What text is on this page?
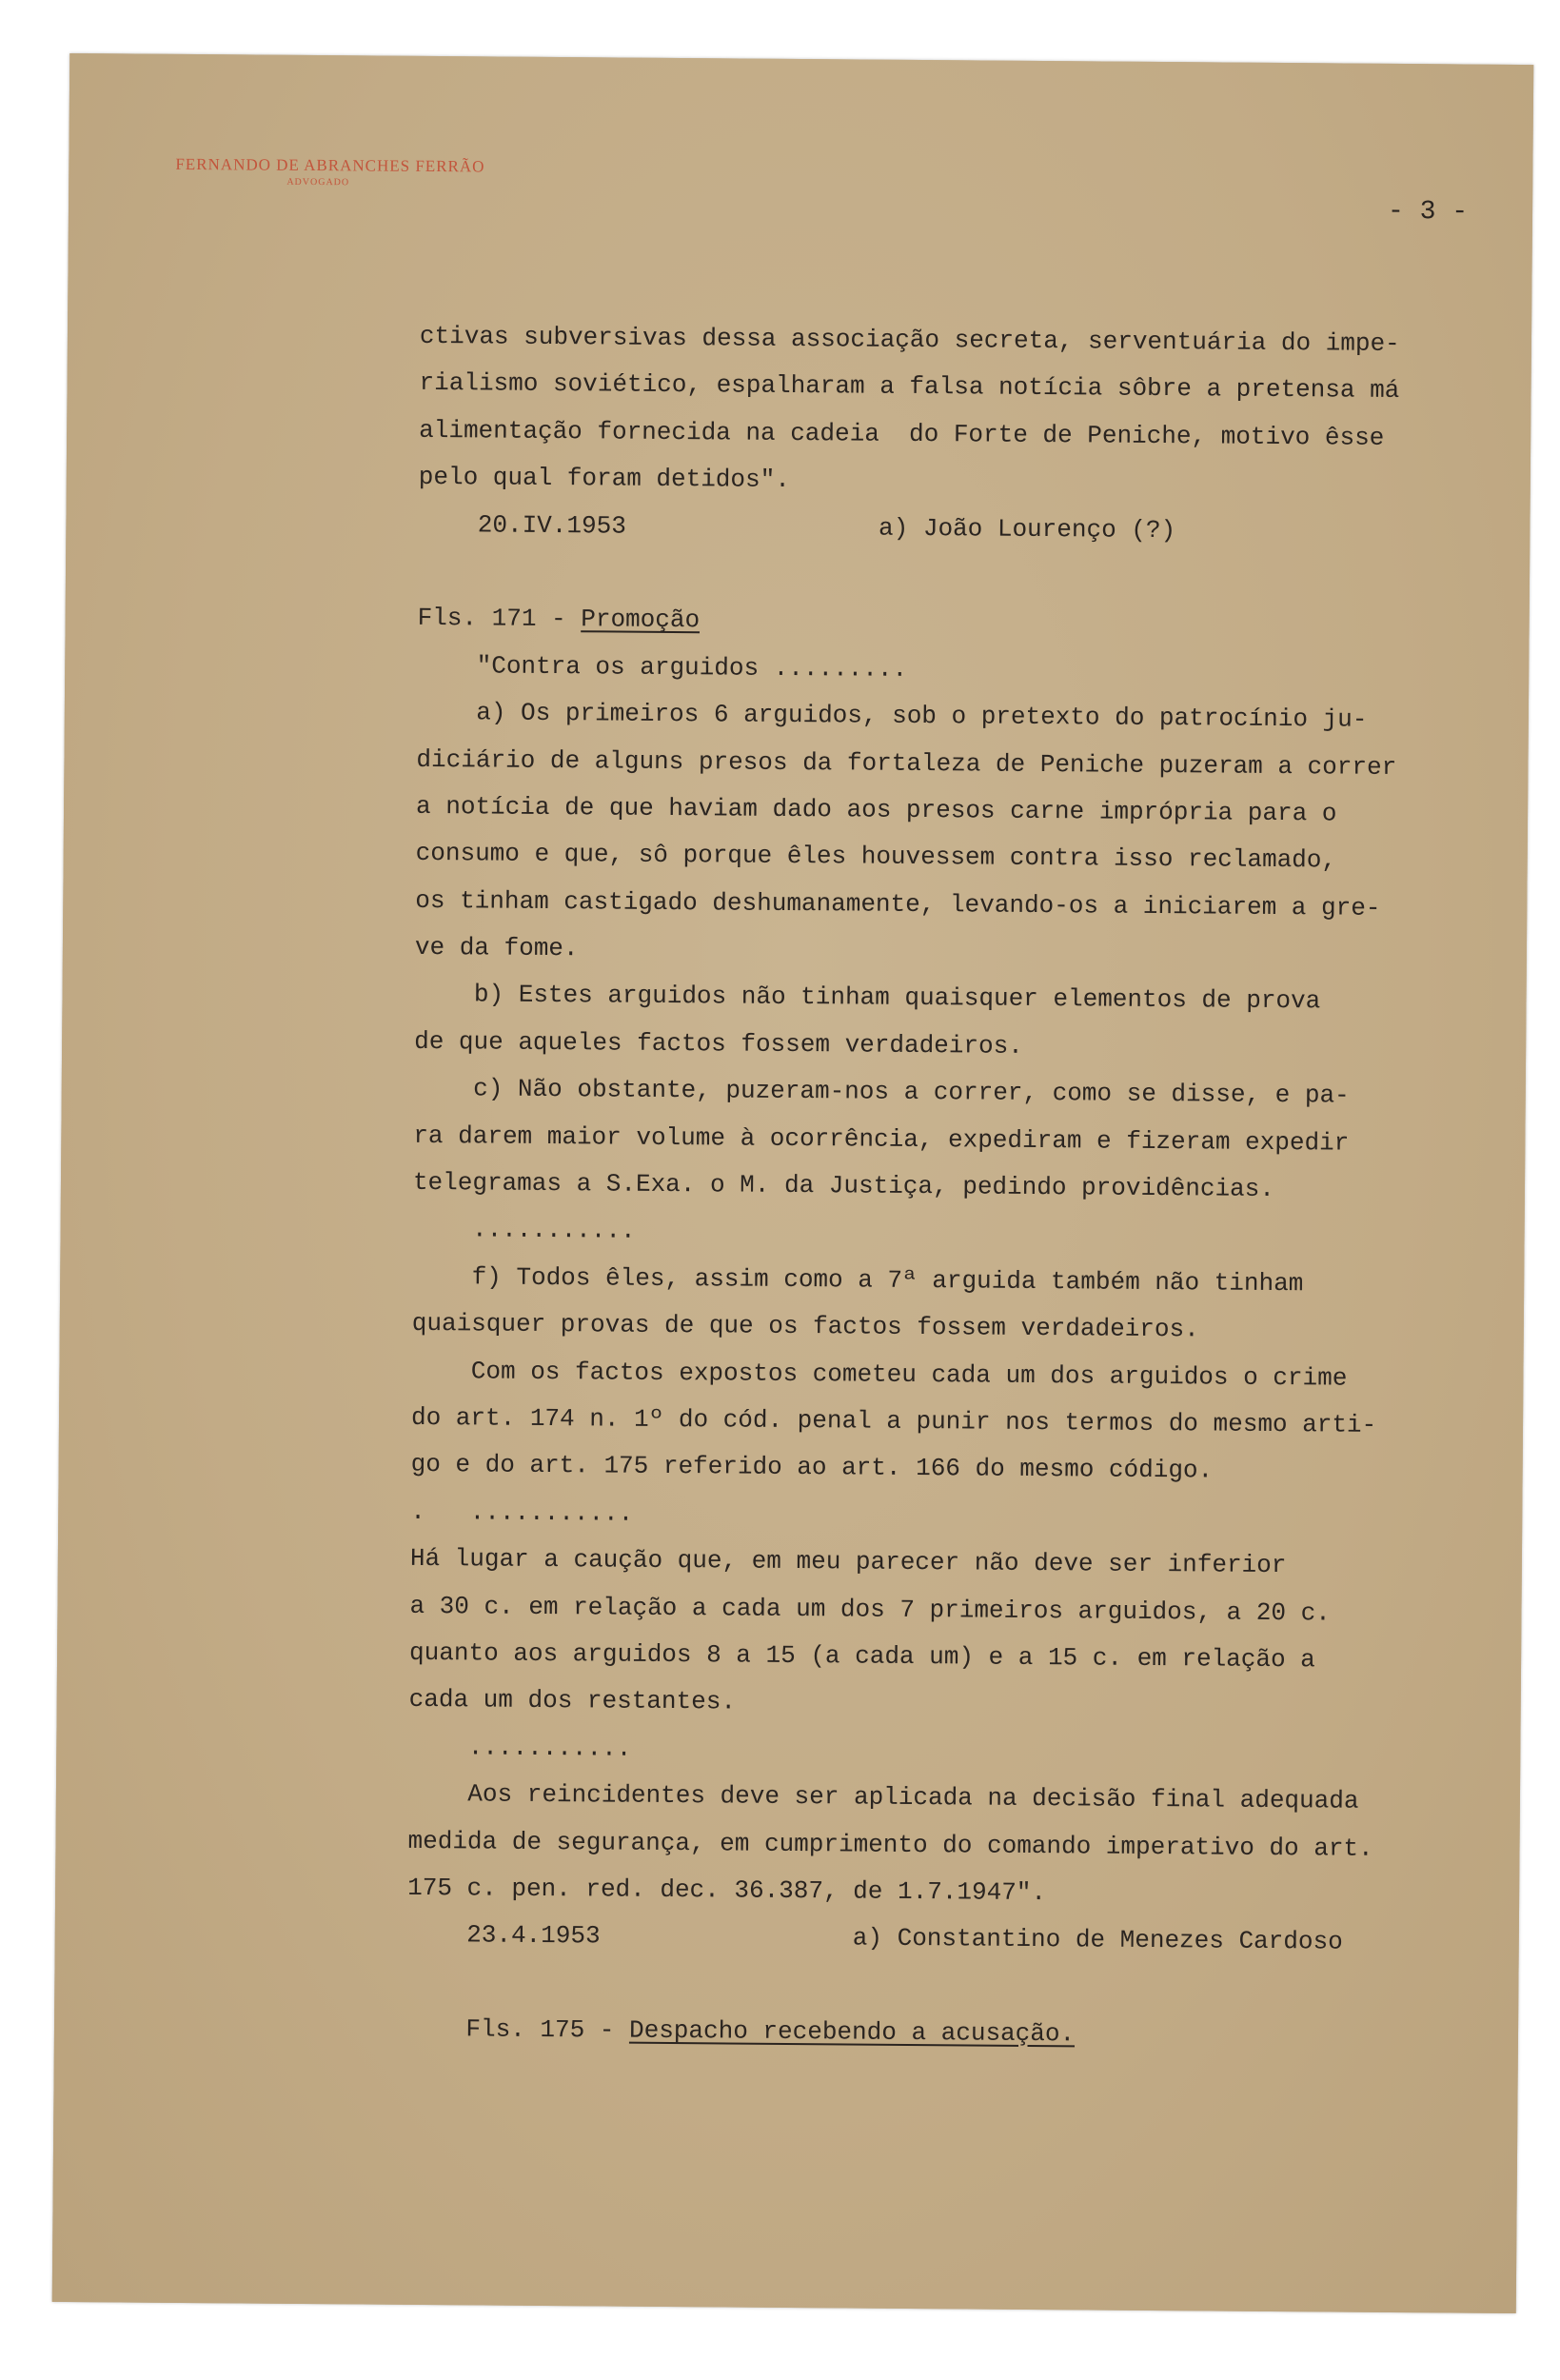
FERNANDO DE ABRANCHES FERRÃO
ADVOGADO
- 3 -
ctivas subversivas dessa associação secreta, serventuária do impe-
rialismo soviético, espalharam a falsa notícia sôbre a pretensa má
alimentação fornecida na cadeia  do Forte de Peniche, motivo êsse
pelo qual foram detidos".
20.IV.1953                 a) João Lourenço (?)
Fls. 171 - Promoção
"Contra os arguidos .........
a) Os primeiros 6 arguidos, sob o pretexto do patrocínio ju-
diciário de alguns presos da fortaleza de Peniche puzeram a correr
a notícia de que haviam dado aos presos carne imprópria para o
consumo e que, sô porque êles houvessem contra isso reclamado,
os tinham castigado deshumanamente, levando-os a iniciarem a gre-
ve da fome.
b) Estes arguidos não tinham quaisquer elementos de prova
de que aqueles factos fossem verdadeiros.
c) Não obstante, puzeram-nos a correr, como se disse, e pa-
ra darem maior volume à ocorrência, expediram e fizeram expedir
telegramas a S.Exa. o M. da Justiça, pedindo providências.
...........
f) Todos êles, assim como a 7ª arguida também não tinham
quaisquer provas de que os factos fossem verdadeiros.
Com os factos expostos cometeu cada um dos arguidos o crime
do art. 174 n. 1º do cód. penal a punir nos termos do mesmo arti-
go e do art. 175 referido ao art. 166 do mesmo código.
.   ...........
Há lugar a caução que, em meu parecer não deve ser inferior
a 30 c. em relação a cada um dos 7 primeiros arguidos, a 20 c.
quanto aos arguidos 8 a 15 (a cada um) e a 15 c. em relação a
cada um dos restantes.
...........
Aos reincidentes deve ser aplicada na decisão final adequada
medida de segurança, em cumprimento do comando imperativo do art.
175 c. pen. red. dec. 36.387, de 1.7.1947".
23.4.1953                 a) Constantino de Menezes Cardoso
Fls. 175 - Despacho recebendo a acusação.
